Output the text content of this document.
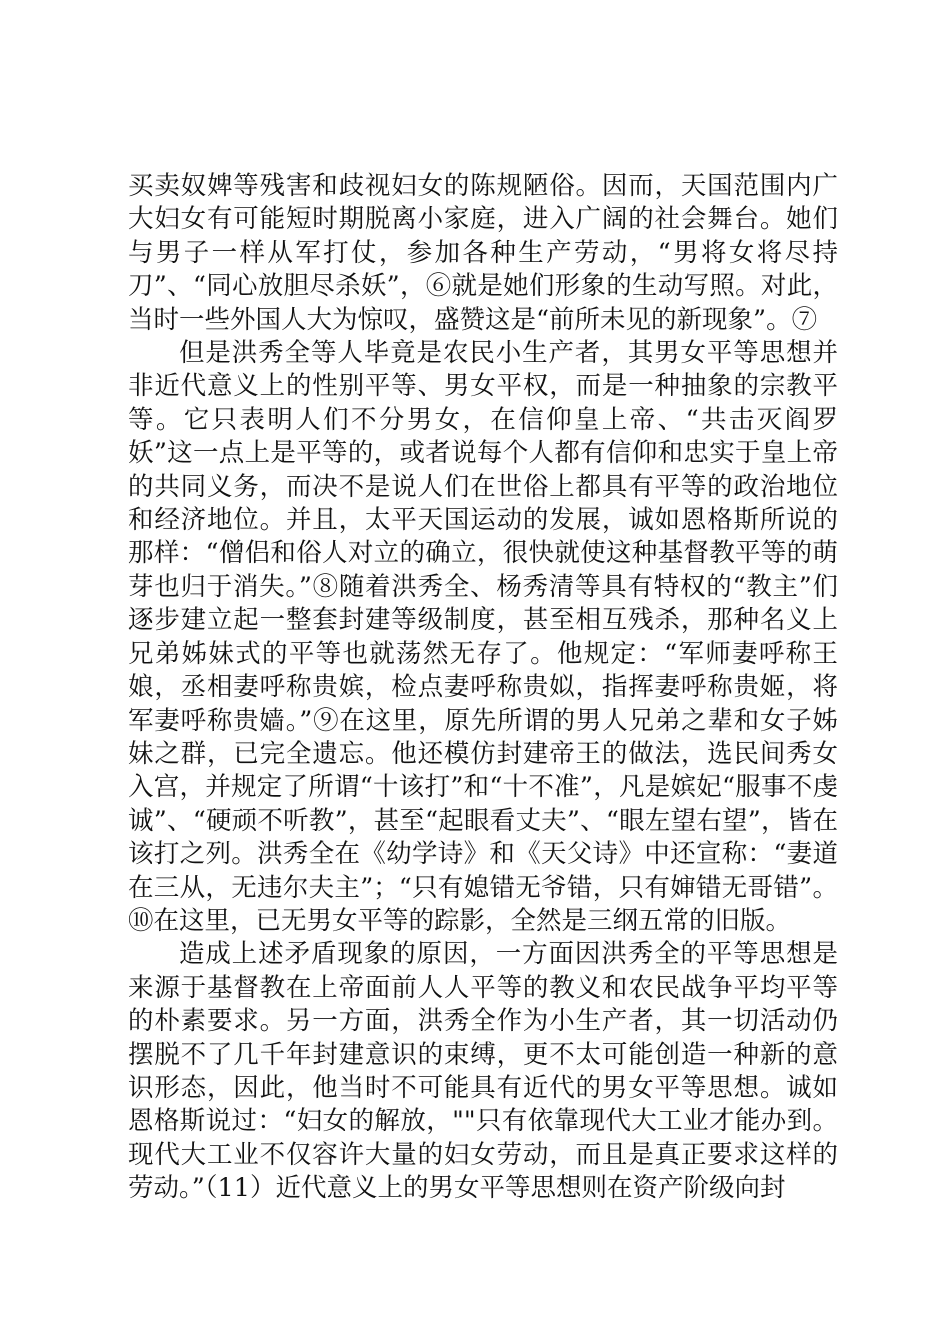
买卖奴婢等残害和歧视妇女的陈规陋俗。因而，天国范围内广大妇女有可能短时期脱离小家庭，进入广阔的社会舞台。她们与男子一样从军打仗，参加各种生产劳动，“男将女将尽持刀”、“同心放胆尽杀妖”，⑥就是她们形象的生动写照。对此，当时一些外国人大为惊叹，盛赞这是“前所未见的新现象”。⑦

但是洪秀全等人毕竟是农民小生产者，其男女平等思想并非近代意义上的性别平等、男女平权，而是一种抽象的宗教平等。它只表明人们不分男女，在信仰皇上帝、“共击灭阎罗妖”这一点上是平等的，或者说每个人都有信仰和忠实于皇上帝的共同义务，而决不是说人们在世俗上都具有平等的政治地位和经济地位。并且，太平天国运动的发展，诚如恩格斯所说的那样：“僧侣和俗人对立的确立，很快就使这种基督教平等的萌芽也归于消失。”⑧随着洪秀全、杨秀清等具有特权的“教主”们逐步建立起一整套封建等级制度，甚至相互残杀，那种名义上兄弟姊妹式的平等也就荡然无存了。他规定：“军师妻呼称王娘，丞相妻呼称贵嫔，检点妻呼称贵姒，指挥妻呼称贵姬，将军妻呼称贵嫱。”⑨在这里，原先所谓的男人兄弟之辈和女子姊妹之群，已完全遗忘。他还模仿封建帝王的做法，选民间秀女入宫，并规定了所谓“十该打”和“十不准”，凡是嫔妃“服事不虔诚”、“硬顽不听教”，甚至“起眼看丈夫”、“眼左望右望”，皆在该打之列。洪秀全在《幼学诗》和《天父诗》中还宣称：“妻道在三从，无违尔夫主”；“只有媳错无爷错，只有婶错无哥错”。⑩在这里，已无男女平等的踪影，全然是三纲五常的旧版。

造成上述矛盾现象的原因，一方面因洪秀全的平等思想是来源于基督教在上帝面前人人平等的教义和农民战争平均平等的朴素要求。另一方面，洪秀全作为小生产者，其一切活动仍摆脱不了几千年封建意识的束缚，更不太可能创造一种新的意识形态，因此，他当时不可能具有近代的男女平等思想。诚如恩格斯说过：“妇女的解放，""只有依靠现代大工业才能办到。现代大工业不仅容许大量的妇女劳动，而且是真正要求这样的劳动。”（11）近代意义上的男女平等思想则在资产阶级向封
